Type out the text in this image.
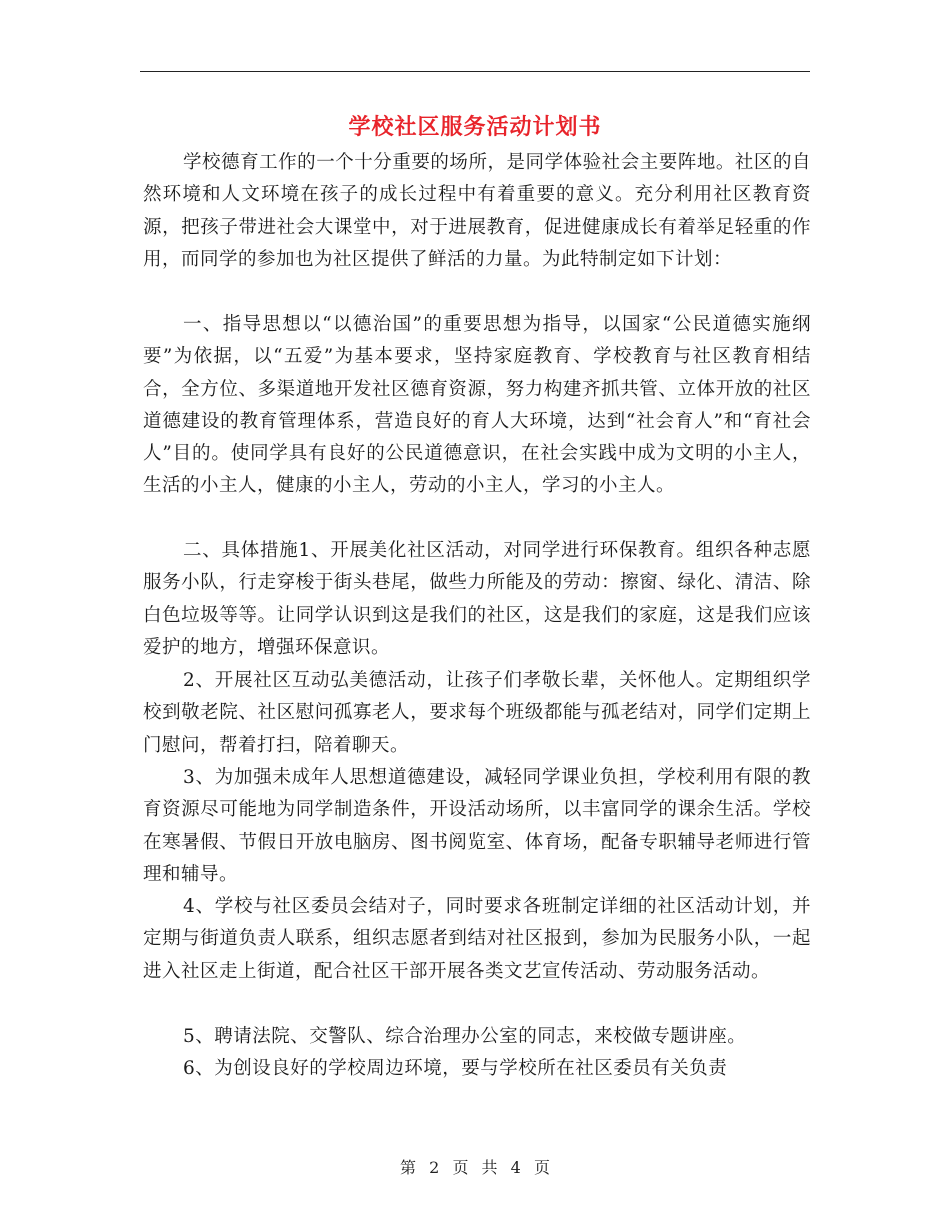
学校社区服务活动计划书

学校德育工作的一个十分重要的场所，是同学体验社会主要阵地。社区的自然环境和人文环境在孩子的成长过程中有着重要的意义。充分利用社区教育资源，把孩子带进社会大课堂中，对于进展教育，促进健康成长有着举足轻重的作用，而同学的参加也为社区提供了鲜活的力量。为此特制定如下计划：

一、指导思想以“以德治国”的重要思想为指导，以国家“公民道德实施纲要”为依据，以“五爱”为基本要求，坚持家庭教育、学校教育与社区教育相结合，全方位、多渠道地开发社区德育资源，努力构建齐抓共管、立体开放的社区道德建设的教育管理体系，营造良好的育人大环境，达到“社会育人”和“育社会人”目的。使同学具有良好的公民道德意识，在社会实践中成为文明的小主人，生活的小主人，健康的小主人，劳动的小主人，学习的小主人。

二、具体措施1、开展美化社区活动，对同学进行环保教育。组织各种志愿服务小队，行走穿梭于街头巷尾，做些力所能及的劳动：擦窗、绿化、清洁、除白色垃圾等等。让同学认识到这是我们的社区，这是我们的家庭，这是我们应该爱护的地方，增强环保意识。

2、开展社区互动弘美德活动，让孩子们孝敬长辈，关怀他人。定期组织学校到敬老院、社区慰问孤寡老人，要求每个班级都能与孤老结对，同学们定期上门慰问，帮着打扫，陪着聊天。

3、为加强未成年人思想道德建设，减轻同学课业负担，学校利用有限的教育资源尽可能地为同学制造条件，开设活动场所，以丰富同学的课余生活。学校在寒暑假、节假日开放电脑房、图书阅览室、体育场，配备专职辅导老师进行管理和辅导。

4、学校与社区委员会结对子，同时要求各班制定详细的社区活动计划，并定期与街道负责人联系，组织志愿者到结对社区报到，参加为民服务小队，一起进入社区走上街道，配合社区干部开展各类文艺宣传活动、劳动服务活动。

5、聘请法院、交警队、综合治理办公室的同志，来校做专题讲座。

6、为创设良好的学校周边环境，要与学校所在社区委员有关负责

第 2 页 共 4 页
